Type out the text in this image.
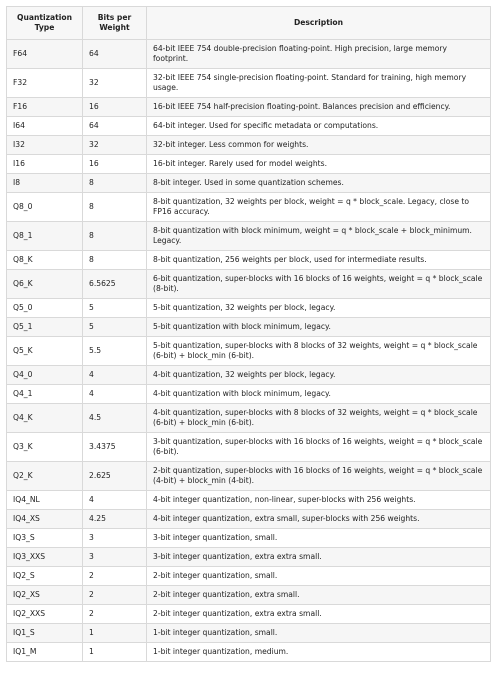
Quantization Type	Bits per Weight	Description
F64	64	64-bit IEEE 754 double-precision floating-point. High precision, large memory footprint.
F32	32	32-bit IEEE 754 single-precision floating-point. Standard for training, high memory usage.
F16	16	16-bit IEEE 754 half-precision floating-point. Balances precision and efficiency.
I64	64	64-bit integer. Used for specific metadata or computations.
I32	32	32-bit integer. Less common for weights.
I16	16	16-bit integer. Rarely used for model weights.
I8	8	8-bit integer. Used in some quantization schemes.
Q8_0	8	8-bit quantization, 32 weights per block, weight = q * block_scale. Legacy, close to FP16 accuracy.
Q8_1	8	8-bit quantization with block minimum, weight = q * block_scale + block_minimum. Legacy.
Q8_K	8	8-bit quantization, 256 weights per block, used for intermediate results.
Q6_K	6.5625	6-bit quantization, super-blocks with 16 blocks of 16 weights, weight = q * block_scale (8-bit).
Q5_0	5	5-bit quantization, 32 weights per block, legacy.
Q5_1	5	5-bit quantization with block minimum, legacy.
Q5_K	5.5	5-bit quantization, super-blocks with 8 blocks of 32 weights, weight = q * block_scale (6-bit) + block_min (6-bit).
Q4_0	4	4-bit quantization, 32 weights per block, legacy.
Q4_1	4	4-bit quantization with block minimum, legacy.
Q4_K	4.5	4-bit quantization, super-blocks with 8 blocks of 32 weights, weight = q * block_scale (6-bit) + block_min (6-bit).
Q3_K	3.4375	3-bit quantization, super-blocks with 16 blocks of 16 weights, weight = q * block_scale (6-bit).
Q2_K	2.625	2-bit quantization, super-blocks with 16 blocks of 16 weights, weight = q * block_scale (4-bit) + block_min (4-bit).
IQ4_NL	4	4-bit integer quantization, non-linear, super-blocks with 256 weights.
IQ4_XS	4.25	4-bit integer quantization, extra small, super-blocks with 256 weights.
IQ3_S	3	3-bit integer quantization, small.
IQ3_XXS	3	3-bit integer quantization, extra extra small.
IQ2_S	2	2-bit integer quantization, small.
IQ2_XS	2	2-bit integer quantization, extra small.
IQ2_XXS	2	2-bit integer quantization, extra extra small.
IQ1_S	1	1-bit integer quantization, small.
IQ1_M	1	1-bit integer quantization, medium.
